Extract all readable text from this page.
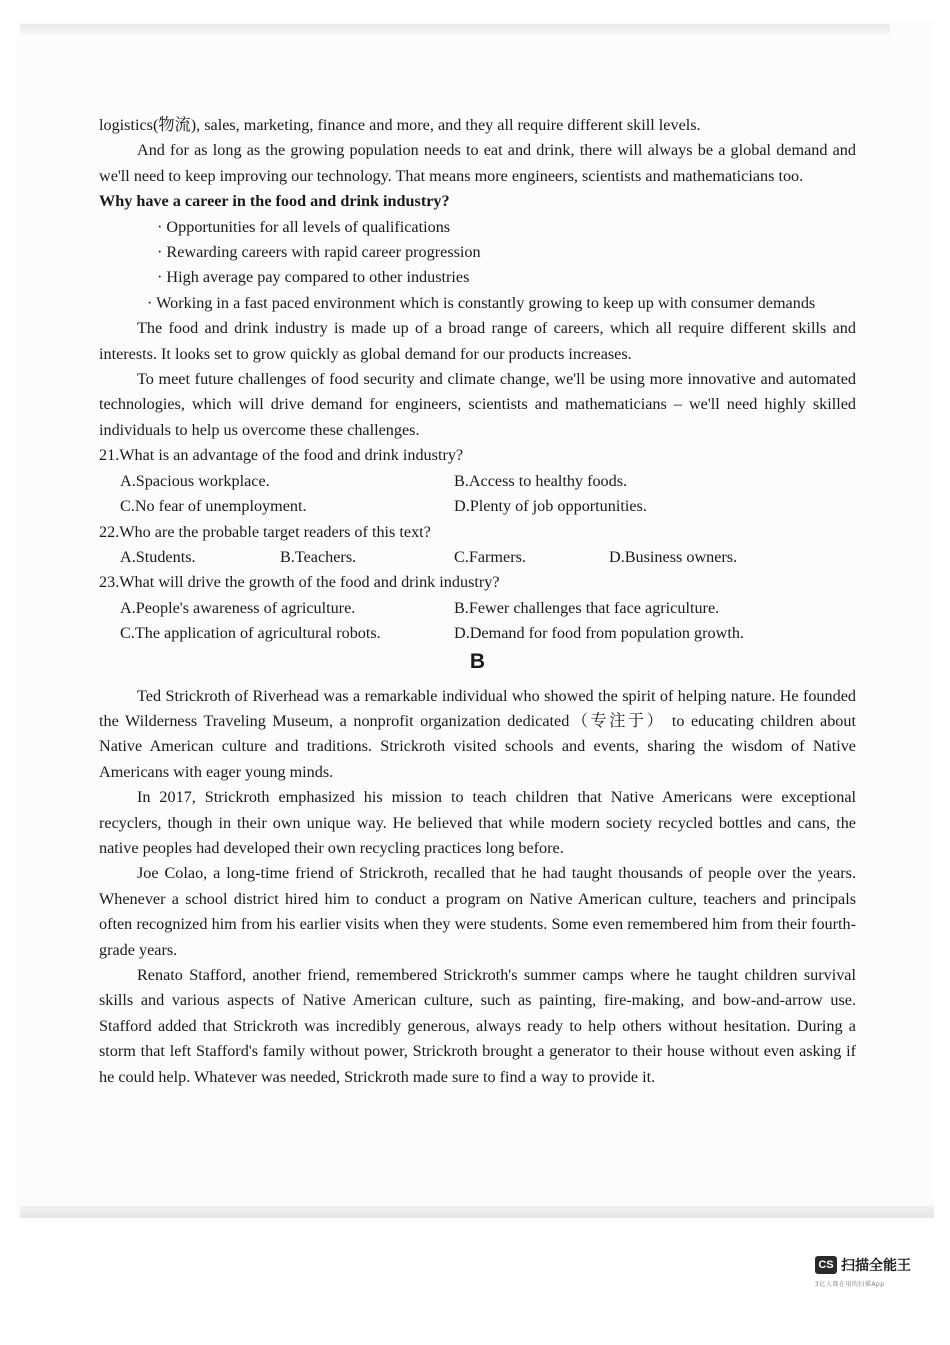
logistics(物流), sales, marketing, finance and more, and they all require different skill levels.

And for as long as the growing population needs to eat and drink, there will always be a global demand and we'll need to keep improving our technology. That means more engineers, scientists and mathematicians too.

Why have a career in the food and drink industry?

· Opportunities for all levels of qualifications

· Rewarding careers with rapid career progression

· High average pay compared to other industries

· Working in a fast paced environment which is constantly growing to keep up with consumer demands

The food and drink industry is made up of a broad range of careers, which all require different skills and interests. It looks set to grow quickly as global demand for our products increases.

To meet future challenges of food security and climate change, we'll be using more innovative and automated technologies, which will drive demand for engineers, scientists and mathematicians – we'll need highly skilled individuals to help us overcome these challenges.

21.What is an advantage of the food and drink industry?

A.Spacious workplace.	B.Access to healthy foods.
C.No fear of unemployment.	D.Plenty of job opportunities.

22.Who are the probable target readers of this text?

A.Students.	B.Teachers.	C.Farmers.	D.Business owners.

23.What will drive the growth of the food and drink industry?

A.People's awareness of agriculture.	B.Fewer challenges that face agriculture.
C.The application of agricultural robots.	D.Demand for food from population growth.
B

Ted Strickroth of Riverhead was a remarkable individual who showed the spirit of helping nature. He founded the Wilderness Traveling Museum, a nonprofit organization dedicated（专注于） to educating children about Native American culture and traditions. Strickroth visited schools and events, sharing the wisdom of Native Americans with eager young minds.

In 2017, Strickroth emphasized his mission to teach children that Native Americans were exceptional recyclers, though in their own unique way. He believed that while modern society recycled bottles and cans, the native peoples had developed their own recycling practices long before.

Joe Colao, a long-time friend of Strickroth, recalled that he had taught thousands of people over the years. Whenever a school district hired him to conduct a program on Native American culture, teachers and principals often recognized him from his earlier visits when they were students. Some even remembered him from their fourth-grade years.

Renato Stafford, another friend, remembered Strickroth's summer camps where he taught children survival skills and various aspects of Native American culture, such as painting, fire-making, and bow-and-arrow use. Stafford added that Strickroth was incredibly generous, always ready to help others without hesitation. During a storm that left Stafford's family without power, Strickroth brought a generator to their house without even asking if he could help. Whatever was needed, Strickroth made sure to find a way to provide it.

CS 扫描全能王
3亿人都在用的扫描App
